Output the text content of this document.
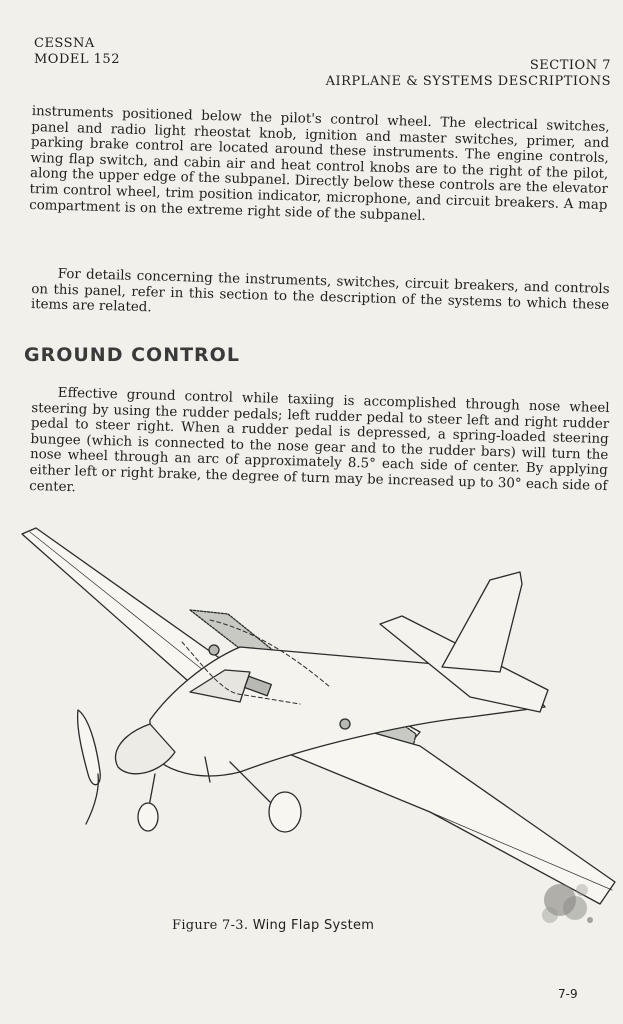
CESSNA
MODEL 152	SECTION 7
AIRPLANE & SYSTEMS DESCRIPTIONS
instruments positioned below the pilot's control wheel. The electrical switches, panel and radio light rheostat knob, ignition and master switches, primer, and parking brake control are located around these instruments. The engine controls, wing flap switch, and cabin air and heat control knobs are to the right of the pilot, along the upper edge of the subpanel. Directly below these controls are the elevator trim control wheel, trim position indicator, microphone, and circuit breakers. A map compartment is on the extreme right side of the subpanel.
For details concerning the instruments, switches, circuit breakers, and controls on this panel, refer in this section to the description of the systems to which these items are related.
GROUND CONTROL
Effective ground control while taxiing is accomplished through nose wheel steering by using the rudder pedals; left rudder pedal to steer left and right rudder pedal to steer right. When a rudder pedal is depressed, a spring-loaded steering bungee (which is connected to the nose gear and to the rudder bars) will turn the nose wheel through an arc of approximately 8.5° each side of center. By applying either left or right brake, the degree of turn may be increased up to 30° each side of center.
Figure 7-3. Wing Flap System
7-9
